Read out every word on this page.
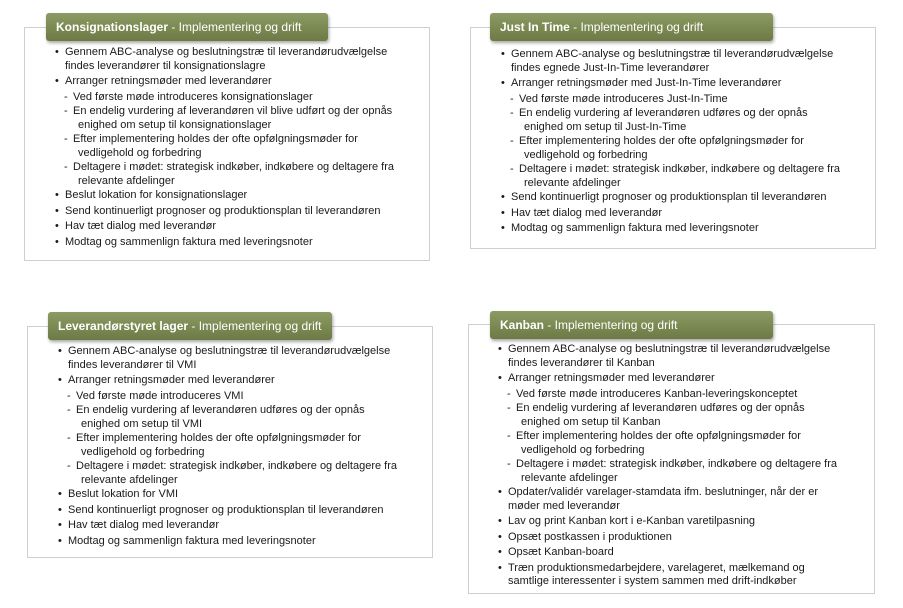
Konsignationslager - Implementering og drift
• Gennem ABC-analyse og beslutningstræ til leverandørudvælgelse
findes leverandører til konsignationslagre
• Arranger retningsmøder med leverandører
- Ved første møde introduceres konsignationslager
- En endelig vurdering af leverandøren vil blive udført og der opnås
enighed om setup til konsignationslager
- Efter implementering holdes der ofte opfølgningsmøder for
vedligehold og forbedring
- Deltagere i mødet: strategisk indkøber, indkøbere og deltagere fra
relevante afdelinger
• Beslut lokation for konsignationslager
• Send kontinuerligt prognoser og produktionsplan til leverandøren
• Hav tæt dialog med leverandør
• Modtag og sammenlign faktura med leveringsnoter
Just In Time - Implementering og drift
• Gennem ABC-analyse og beslutningstræ til leverandørudvælgelse
findes egnede Just-In-Time leverandører
• Arranger retningsmøder med Just-In-Time leverandører
- Ved første møde introduceres Just-In-Time
- En endelig vurdering af leverandøren udføres og der opnås
enighed om setup til Just-In-Time
- Efter implementering holdes der ofte opfølgningsmøder for
vedligehold og forbedring
- Deltagere i mødet: strategisk indkøber, indkøbere og deltagere fra
relevante afdelinger
• Send kontinuerligt prognoser og produktionsplan til leverandøren
• Hav tæt dialog med leverandør
• Modtag og sammenlign faktura med leveringsnoter
Leverandørstyret lager - Implementering og drift
• Gennem ABC-analyse og beslutningstræ til leverandørudvælgelse
findes leverandører til VMI
• Arranger retningsmøder med leverandører
- Ved første møde introduceres VMI
- En endelig vurdering af leverandøren udføres og der opnås
enighed om setup til VMI
- Efter implementering holdes der ofte opfølgningsmøder for
vedligehold og forbedring
- Deltagere i mødet: strategisk indkøber, indkøbere og deltagere fra
relevante afdelinger
• Beslut lokation for VMI
• Send kontinuerligt prognoser og produktionsplan til leverandøren
• Hav tæt dialog med leverandør
• Modtag og sammenlign faktura med leveringsnoter
Kanban - Implementering og drift
• Gennem ABC-analyse og beslutningstræ til leverandørudvælgelse
findes leverandører til Kanban
• Arranger retningsmøder med leverandører
- Ved første møde introduceres Kanban-leveringskonceptet
- En endelig vurdering af leverandøren udføres og der opnås
enighed om setup til Kanban
- Efter implementering holdes der ofte opfølgningsmøder for
vedligehold og forbedring
- Deltagere i mødet: strategisk indkøber, indkøbere og deltagere fra
relevante afdelinger
• Opdater/validér varelager-stamdata ifm. beslutninger, når der er
møder med leverandør
• Lav og print Kanban kort i e-Kanban varetilpasning
• Opsæt postkassen i produktionen
• Opsæt Kanban-board
• Træn produktionsmedarbejdere, varelageret, mælkemand og
samtlige interessenter i system sammen med drift-indkøber
